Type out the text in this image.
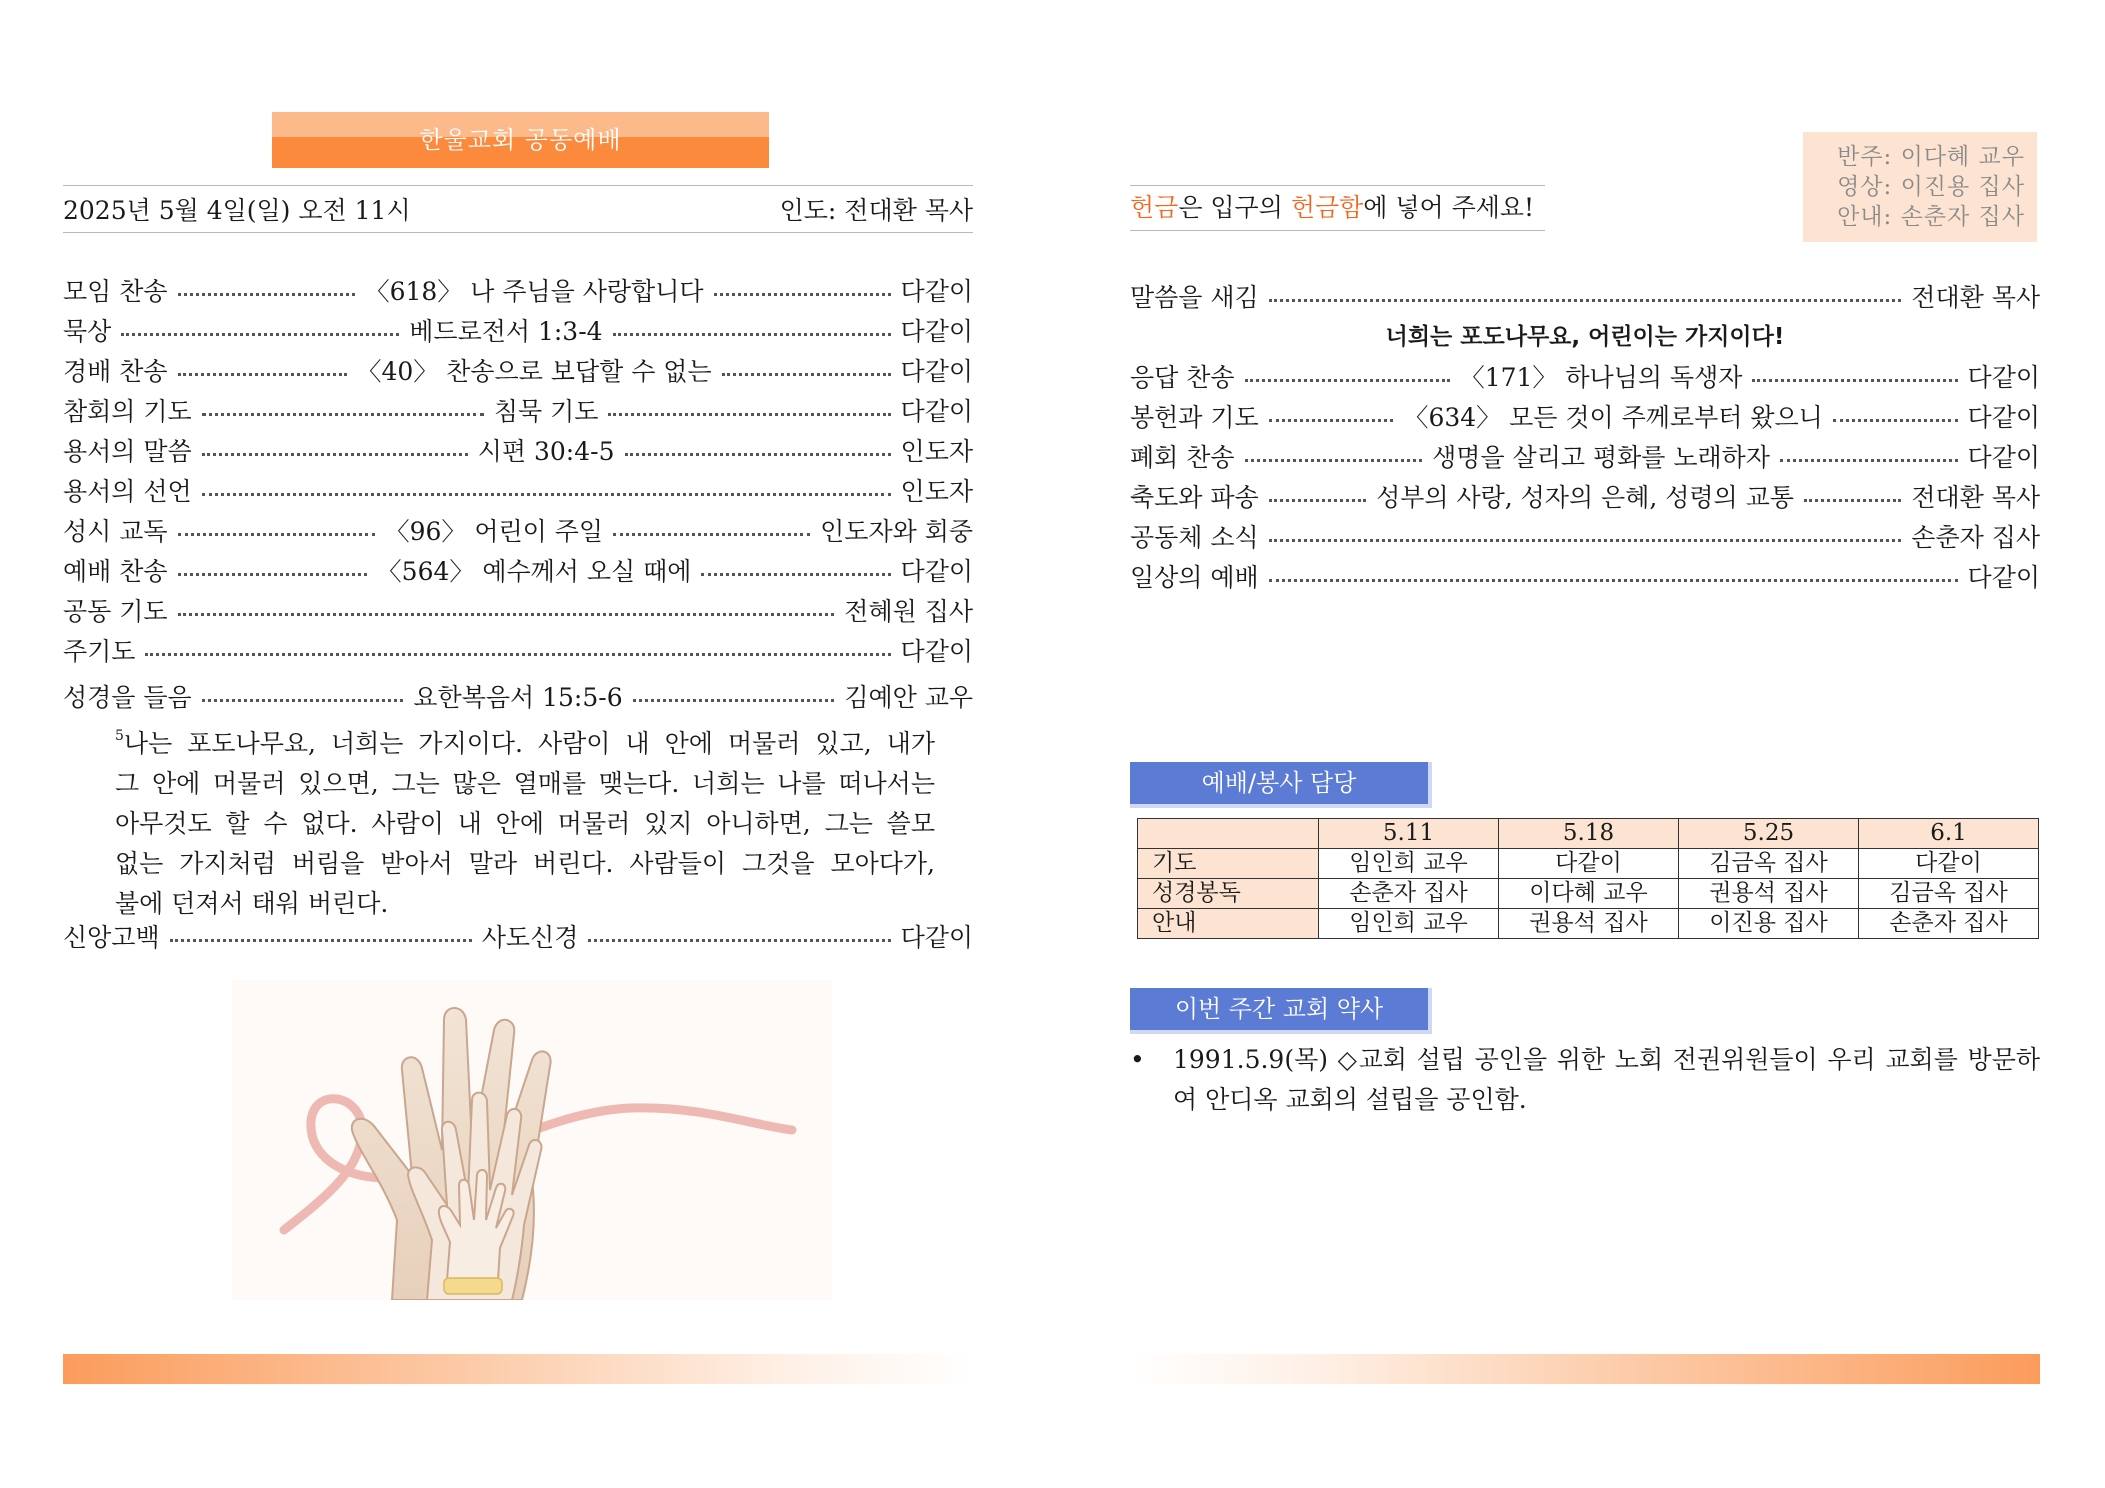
한울교회 공동예배
2025년 5월 4일(일) 오전 11시	인도: 전대환 목사
모임 찬송	〈618〉 나 주님을 사랑합니다	다같이
묵상	베드로전서 1:3-4	다같이
경배 찬송	〈40〉 찬송으로 보답할 수 없는	다같이
참회의 기도	침묵 기도	다같이
용서의 말씀	시편 30:4-5	인도자
용서의 선언	인도자
성시 교독	〈96〉 어린이 주일	인도자와 회중
예배 찬송	〈564〉 예수께서 오실 때에	다같이
공동 기도	전혜원 집사
주기도	다같이
성경을 들음	요한복음서 15:5-6	김예안 교우

$^5$나는 포도나무요, 너희는 가지이다. 사람이 내 안에 머물러 있고, 내가

그 안에 머물러 있으면, 그는 많은 열매를 맺는다. 너희는 나를 떠나서는

아무것도 할 수 없다. 사람이 내 안에 머물러 있지 아니하면, 그는 쓸모

없는 가지처럼 버림을 받아서 말라 버린다. 사람들이 그것을 모아다가,

불에 던져서 태워 버린다.

신앙고백	사도신경	다같이
헌금은 입구의 헌금함에 넣어 주세요!
반주: 이다혜 교우
영상: 이진용 집사
안내: 손춘자 집사
말씀을 새김	전대환 목사
너희는 포도나무요, 어린이는 가지이다!
응답 찬송	〈171〉 하나님의 독생자	다같이
봉헌과 기도	〈634〉 모든 것이 주께로부터 왔으니	다같이
폐회 찬송	생명을 살리고 평화를 노래하자	다같이
축도와 파송	성부의 사랑, 성자의 은혜, 성령의 교통	전대환 목사
공동체 소식	손춘자 집사
일상의 예배	다같이
예배/봉사 담당
	5.11	5.18	5.25	6.1
기도	임인희 교우	다같이	김금옥 집사	다같이
성경봉독	손춘자 집사	이다혜 교우	권용석 집사	김금옥 집사
안내	임인희 교우	권용석 집사	이진용 집사	손춘자 집사
이번 주간 교회 약사
• 1991.5.9(목) ◇교회 설립 공인을 위한 노회 전권위원들이 우리 교회를 방문하여 안디옥 교회의 설립을 공인함.
